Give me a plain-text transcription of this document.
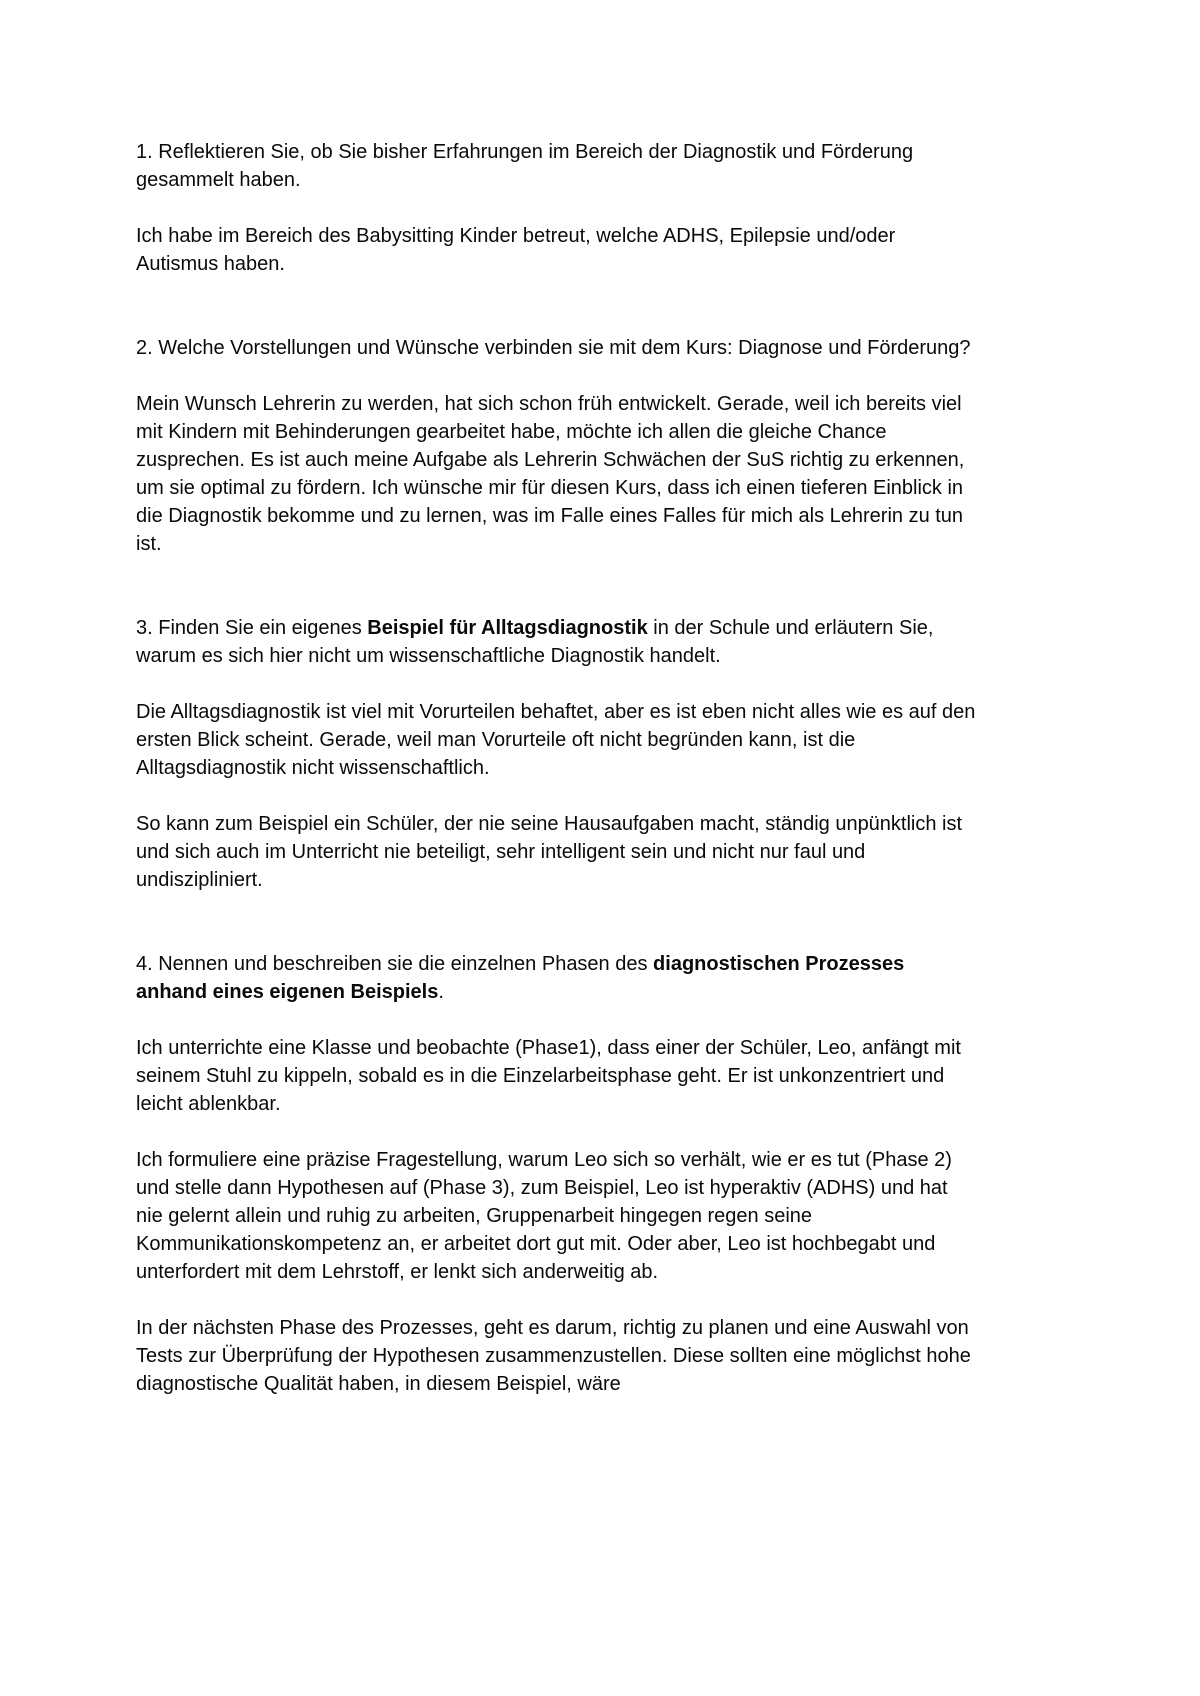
1. Reflektieren Sie, ob Sie bisher Erfahrungen im Bereich der Diagnostik und Förderung gesammelt haben.

Ich habe im Bereich des Babysitting Kinder betreut, welche ADHS, Epilepsie und/oder Autismus haben.

2. Welche Vorstellungen und Wünsche verbinden sie mit dem Kurs: Diagnose und Förderung?

Mein Wunsch Lehrerin zu werden, hat sich schon früh entwickelt. Gerade, weil ich bereits viel mit Kindern mit Behinderungen gearbeitet habe, möchte ich allen die gleiche Chance zusprechen. Es ist auch meine Aufgabe als Lehrerin Schwächen der SuS richtig zu erkennen, um sie optimal zu fördern. Ich wünsche mir für diesen Kurs, dass ich einen tieferen Einblick in die Diagnostik bekomme und zu lernen, was im Falle eines Falles für mich als Lehrerin zu tun ist.

3. Finden Sie ein eigenes Beispiel für Alltagsdiagnostik in der Schule und erläutern Sie, warum es sich hier nicht um wissenschaftliche Diagnostik handelt.

Die Alltagsdiagnostik ist viel mit Vorurteilen behaftet, aber es ist eben nicht alles wie es auf den ersten Blick scheint. Gerade, weil man Vorurteile oft nicht begründen kann, ist die Alltagsdiagnostik nicht wissenschaftlich.

So kann zum Beispiel ein Schüler, der nie seine Hausaufgaben macht, ständig unpünktlich ist und sich auch im Unterricht nie beteiligt, sehr intelligent sein und nicht nur faul und undiszipliniert.

4. Nennen und beschreiben sie die einzelnen Phasen des diagnostischen Prozesses anhand eines eigenen Beispiels.

Ich unterrichte eine Klasse und beobachte (Phase1), dass einer der Schüler, Leo, anfängt mit seinem Stuhl zu kippeln, sobald es in die Einzelarbeitsphase geht. Er ist unkonzentriert und leicht ablenkbar.

Ich formuliere eine präzise Fragestellung, warum Leo sich so verhält, wie er es tut (Phase 2) und stelle dann Hypothesen auf (Phase 3), zum Beispiel, Leo ist hyperaktiv (ADHS) und hat nie gelernt allein und ruhig zu arbeiten, Gruppenarbeit hingegen regen seine Kommunikationskompetenz an, er arbeitet dort gut mit. Oder aber, Leo ist hochbegabt und unterfordert mit dem Lehrstoff, er lenkt sich anderweitig ab.

In der nächsten Phase des Prozesses, geht es darum, richtig zu planen und eine Auswahl von Tests zur Überprüfung der Hypothesen zusammenzustellen. Diese sollten eine möglichst hohe diagnostische Qualität haben, in diesem Beispiel, wäre
